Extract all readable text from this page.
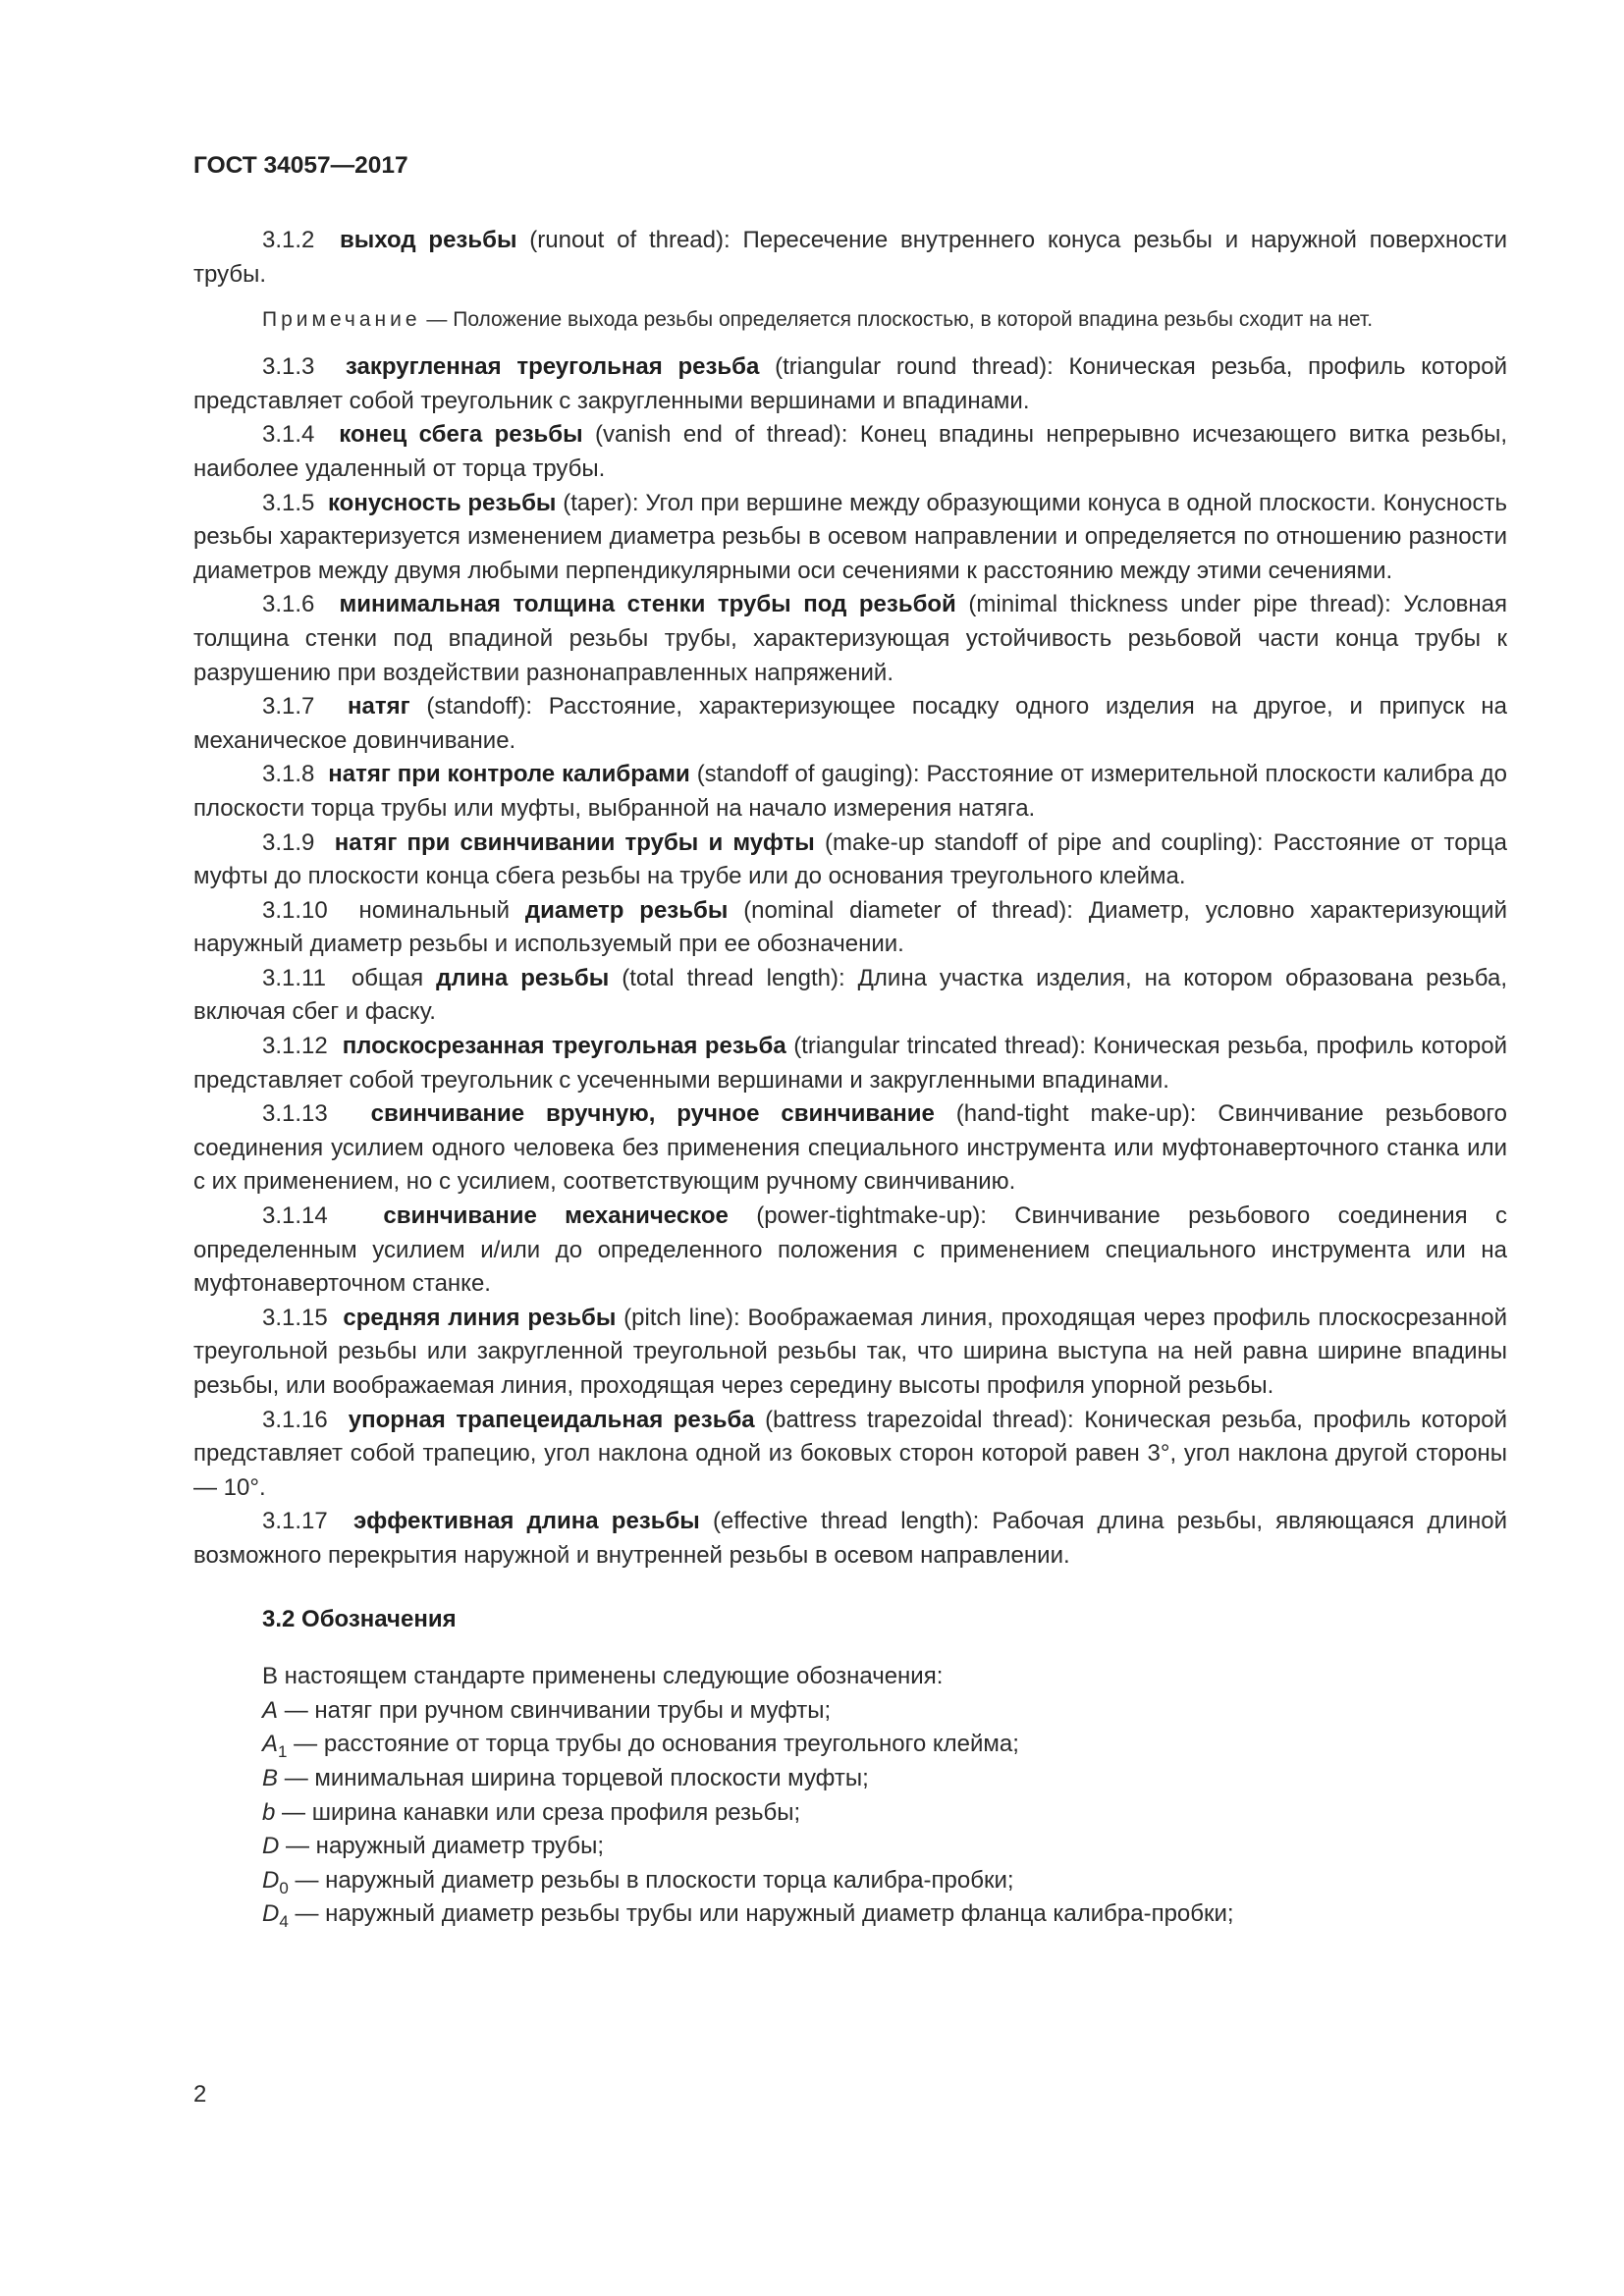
ГОСТ 34057—2017

3.1.2 выход резьбы (runout of thread): Пересечение внутреннего конуса резьбы и наружной поверхности трубы.

Примечание — Положение выхода резьбы определяется плоскостью, в которой впадина резьбы сходит на нет.

3.1.3 закругленная треугольная резьба (triangular round thread): Коническая резьба, профиль которой представляет собой треугольник с закругленными вершинами и впадинами.

3.1.4 конец сбега резьбы (vanish end of thread): Конец впадины непрерывно исчезающего витка резьбы, наиболее удаленный от торца трубы.

3.1.5 конусность резьбы (taper): Угол при вершине между образующими конуса в одной плоскости. Конусность резьбы характеризуется изменением диаметра резьбы в осевом направлении и определяется по отношению разности диаметров между двумя любыми перпендикулярными оси сечениями к расстоянию между этими сечениями.

3.1.6 минимальная толщина стенки трубы под резьбой (minimal thickness under pipe thread): Условная толщина стенки под впадиной резьбы трубы, характеризующая устойчивость резьбовой части конца трубы к разрушению при воздействии разнонаправленных напряжений.

3.1.7 натяг (standoff): Расстояние, характеризующее посадку одного изделия на другое, и припуск на механическое довинчивание.

3.1.8 натяг при контроле калибрами (standoff of gauging): Расстояние от измерительной плоскости калибра до плоскости торца трубы или муфты, выбранной на начало измерения натяга.

3.1.9 натяг при свинчивании трубы и муфты (make-up standoff of pipe and coupling): Расстояние от торца муфты до плоскости конца сбега резьбы на трубе или до основания треугольного клейма.

3.1.10 номинальный диаметр резьбы (nominal diameter of thread): Диаметр, условно характеризующий наружный диаметр резьбы и используемый при ее обозначении.

3.1.11 общая длина резьбы (total thread length): Длина участка изделия, на котором образована резьба, включая сбег и фаску.

3.1.12 плоскосрезанная треугольная резьба (triangular trincated thread): Коническая резьба, профиль которой представляет собой треугольник с усеченными вершинами и закругленными впадинами.

3.1.13 свинчивание вручную, ручное свинчивание (hand-tight make-up): Свинчивание резьбового соединения усилием одного человека без применения специального инструмента или муфтонаверточного станка или с их применением, но с усилием, соответствующим ручному свинчиванию.

3.1.14 свинчивание механическое (power-tightmake-up): Свинчивание резьбового соединения с определенным усилием и/или до определенного положения с применением специального инструмента или на муфтонаверточном станке.

3.1.15 средняя линия резьбы (pitch line): Воображаемая линия, проходящая через профиль плоскосрезанной треугольной резьбы или закругленной треугольной резьбы так, что ширина выступа на ней равна ширине впадины резьбы, или воображаемая линия, проходящая через середину высоты профиля упорной резьбы.

3.1.16 упорная трапецеидальная резьба (battress trapezoidal thread): Коническая резьба, профиль которой представляет собой трапецию, угол наклона одной из боковых сторон которой равен 3°, угол наклона другой стороны — 10°.

3.1.17 эффективная длина резьбы (effective thread length): Рабочая длина резьбы, являющаяся длиной возможного перекрытия наружной и внутренней резьбы в осевом направлении.

3.2 Обозначения
В настоящем стандарте применены следующие обозначения:
A — натяг при ручном свинчивании трубы и муфты;
$A_1$ — расстояние от торца трубы до основания треугольного клейма;
B — минимальная ширина торцевой плоскости муфты;
b — ширина канавки или среза профиля резьбы;
D — наружный диаметр трубы;
$D_0$ — наружный диаметр резьбы в плоскости торца калибра-пробки;
$D_4$ — наружный диаметр резьбы трубы или наружный диаметр фланца калибра-пробки;
2
